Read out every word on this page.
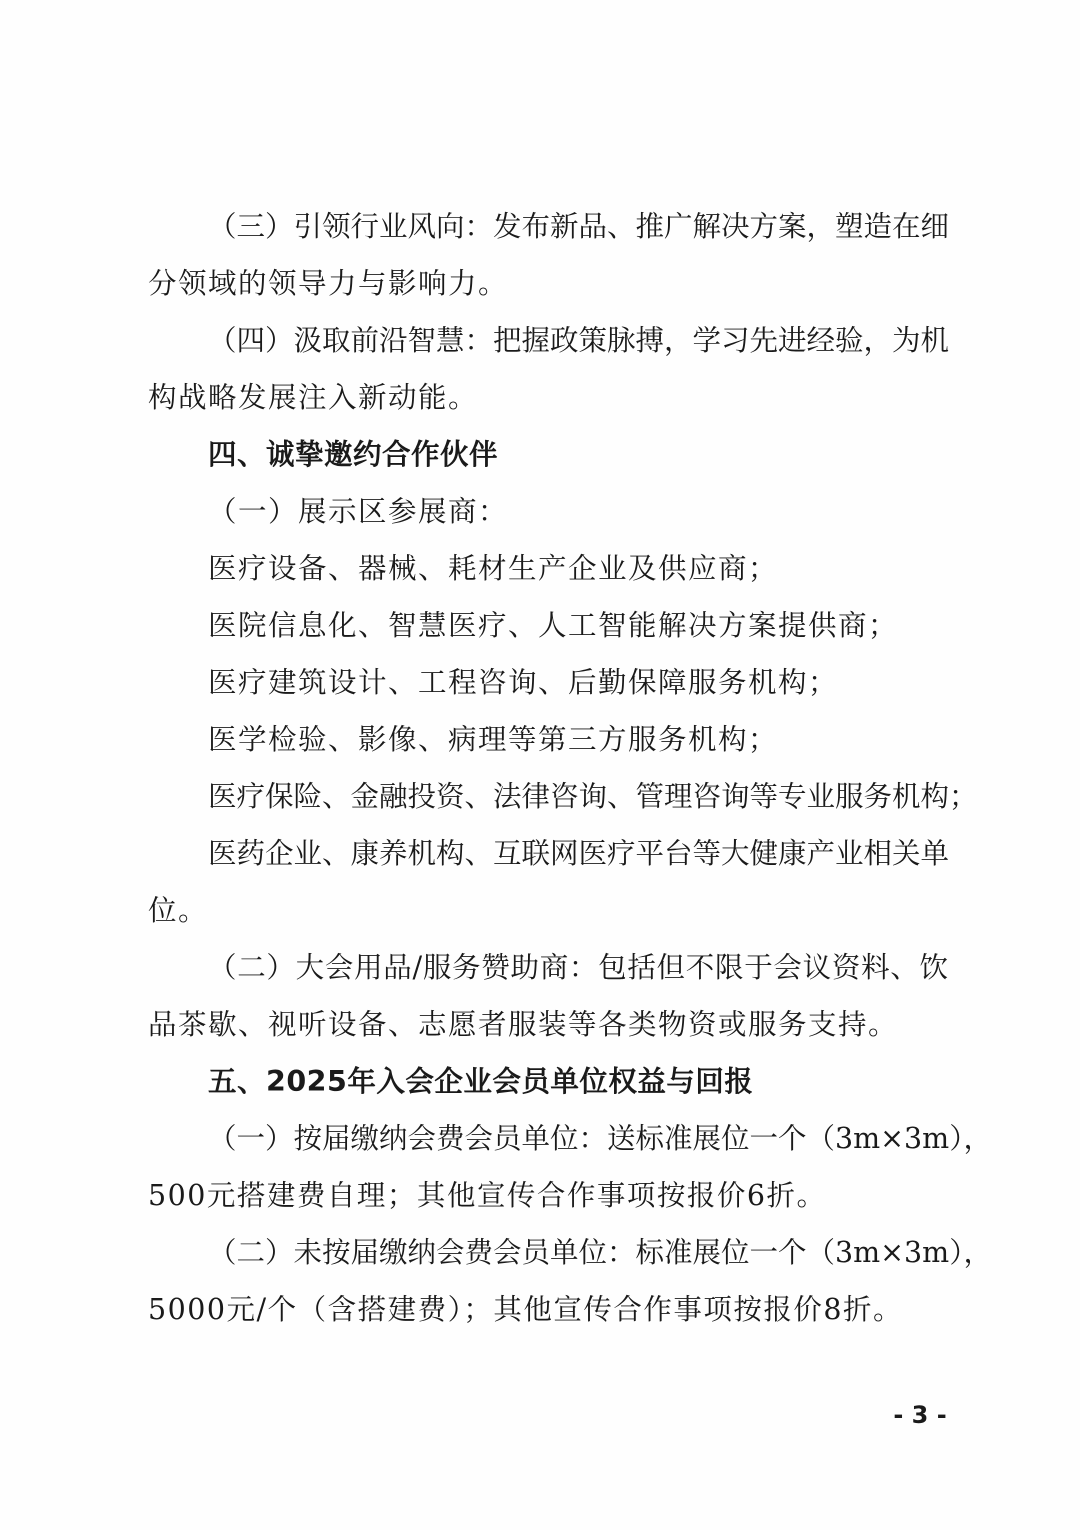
（三）引领行业风向：发布新品、推广解决方案，塑造在细
分领域的领导力与影响力。
（四）汲取前沿智慧：把握政策脉搏，学习先进经验，为机
构战略发展注入新动能。
四、诚挚邀约合作伙伴
（一）展示区参展商：
医疗设备、器械、耗材生产企业及供应商；
医院信息化、智慧医疗、人工智能解决方案提供商；
医疗建筑设计、工程咨询、后勤保障服务机构；
医学检验、影像、病理等第三方服务机构；
医疗保险、金融投资、法律咨询、管理咨询等专业服务机构；
医药企业、康养机构、互联网医疗平台等大健康产业相关单
位。
（二）大会用品/服务赞助商：包括但不限于会议资料、饮
品茶歇、视听设备、志愿者服装等各类物资或服务支持。
五、2025年入会企业会员单位权益与回报
（一）按届缴纳会费会员单位：送标准展位一个（3m×3m），
500元搭建费自理；其他宣传合作事项按报价6折。
（二）未按届缴纳会费会员单位：标准展位一个（3m×3m），
5000元/个（含搭建费）；其他宣传合作事项按报价8折。
- 3 -
